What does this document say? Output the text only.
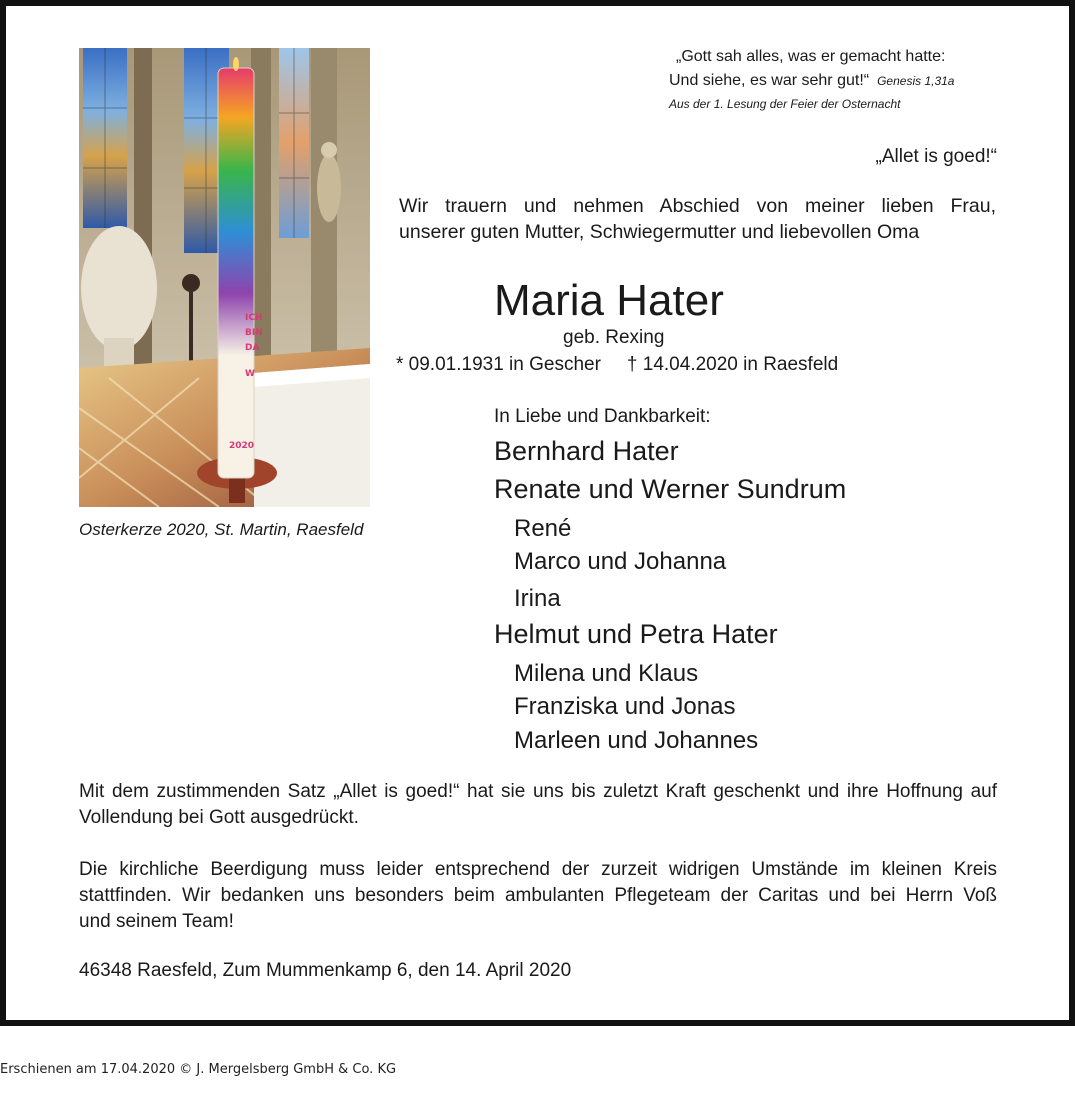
ICH
BIN
DA
W
2020
Osterkerze 2020, St. Martin, Raesfeld
„Gott sah alles, was er gemacht hatte:
Und siehe, es war sehr gut!“ Genesis 1,31a
Aus der 1. Lesung der Feier der Osternacht
„Allet is goed!“
Wir trauern und nehmen Abschied von meiner lieben Frau,
unserer guten Mutter, Schwiegermutter und liebevollen Oma
Maria Hater
geb. Rexing
* 09.01.1931 in Gescher † 14.04.2020 in Raesfeld
In Liebe und Dankbarkeit:
Bernhard Hater
Renate und Werner Sundrum
René
Marco und Johanna
Irina
Helmut und Petra Hater
Milena und Klaus
Franziska und Jonas
Marleen und Johannes
Mit dem zustimmenden Satz „Allet is goed!“ hat sie uns bis zuletzt Kraft geschenkt und ihre Hoffnung auf
Vollendung bei Gott ausgedrückt.
Die kirchliche Beerdigung muss leider entsprechend der zurzeit widrigen Umstände im kleinen Kreis
stattfinden. Wir bedanken uns besonders beim ambulanten Pflegeteam der Caritas und bei Herrn Voß
und seinem Team!
46348 Raesfeld, Zum Mummenkamp 6, den 14. April 2020
Erschienen am 17.04.2020 © J. Mergelsberg GmbH & Co. KG
